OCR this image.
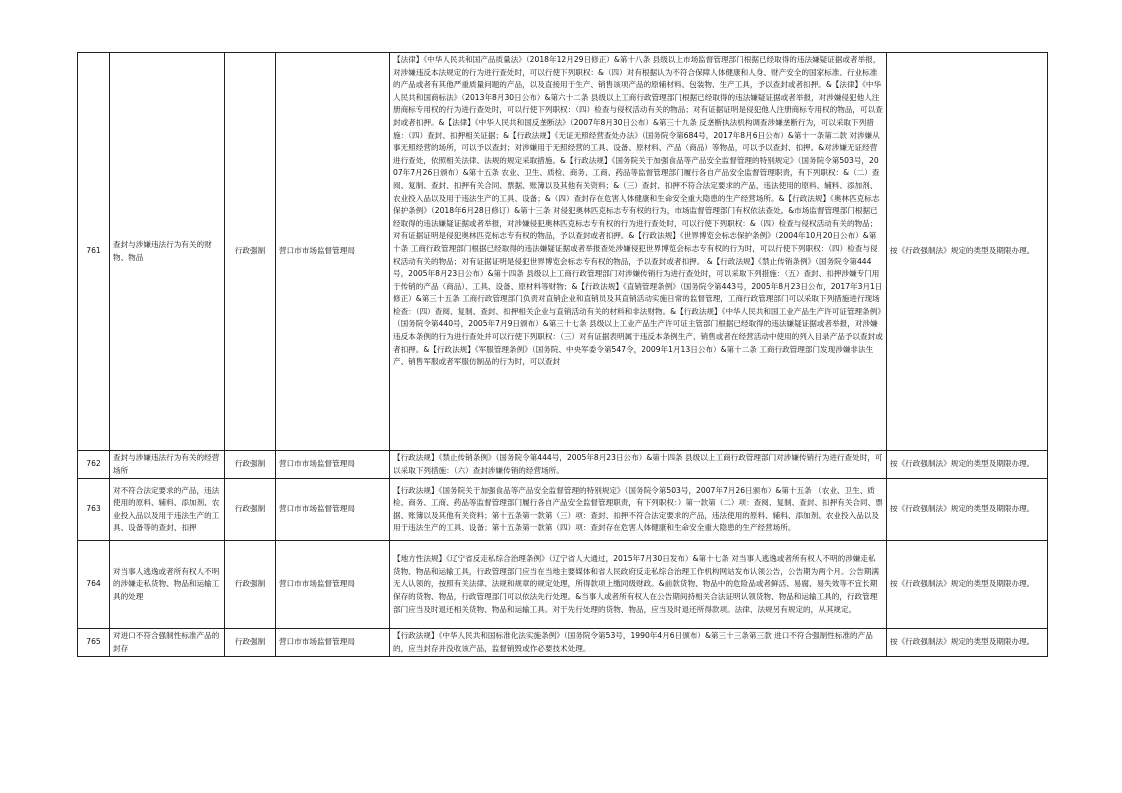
761	查封与涉嫌违法行为有关的财物、物品	行政强制	营口市市场监督管理局	【法律】《中华人民共和国产品质量法》（2018年12月29日修正）&第十八条 县级以上市场监督管理部门根据已经取得的违法嫌疑证据或者举报，对涉嫌违反本法规定的行为进行查处时，可以行使下列职权：&（四）对有根据认为不符合保障人体健康和人身、财产安全的国家标准、行业标准的产品或者有其他严重质量问题的产品，以及直接用于生产、销售该项产品的原辅材料、包装物、生产工具，予以查封或者扣押。&【法律】《中华人民共和国商标法》（2013年8月30日公布）&第六十二条 县级以上工商行政管理部门根据已经取得的违法嫌疑证据或者举报，对涉嫌侵犯他人注册商标专用权的行为进行查处时，可以行使下列职权：（四）检查与侵权活动有关的物品；对有证据证明是侵犯他人注册商标专用权的物品，可以查封或者扣押。&【法律】《中华人民共和国反垄断法》（2007年8月30日公布）&第三十九条 反垄断执法机构调查涉嫌垄断行为，可以采取下列措施：（四）查封、扣押相关证据；&【行政法规】《无证无照经营查处办法》（国务院令第684号，2017年8月6日公布）&第十一条第二款 对涉嫌从事无照经营的场所，可以予以查封；对涉嫌用于无照经营的工具、设备、原材料、产品（商品）等物品，可以予以查封、扣押。&对涉嫌无证经营进行查处，依照相关法律、法规的规定采取措施。&【行政法规】《国务院关于加强食品等产品安全监督管理的特别规定》（国务院令第503号，2007年7月26日颁布）&第十五条 农业、卫生、质检、商务、工商、药品等监督管理部门履行各自产品安全监督管理职责，有下列职权：&（二）查阅、复制、查封、扣押有关合同、票据、账簿以及其他有关资料；&（三）查封、扣押不符合法定要求的产品，违法使用的原料、辅料、添加剂、农业投入品以及用于违法生产的工具、设备；&（四）查封存在危害人体健康和生命安全重大隐患的生产经营场所。&【行政法规】《奥林匹克标志保护条例》（2018年6月28日修订）&第十三条 对侵犯奥林匹克标志专有权的行为，市场监督管理部门有权依法查处。&市场监督管理部门根据已经取得的违法嫌疑证据或者举报，对涉嫌侵犯奥林匹克标志专有权的行为进行查处时，可以行使下列职权：&（四）检查与侵权活动有关的物品；对有证据证明是侵犯奥林匹克标志专有权的物品，予以查封或者扣押。&【行政法规】《世界博览会标志保护条例》（2004年10月20日公布）&第十条 工商行政管理部门根据已经取得的违法嫌疑证据或者举报查处涉嫌侵犯世界博览会标志专有权的行为时，可以行使下列职权：（四）检查与侵权活动有关的物品；对有证据证明是侵犯世界博览会标志专有权的物品，予以查封或者扣押。 &【行政法规】《禁止传销条例》（国务院令第444号，2005年8月23日公布）&第十四条 县级以上工商行政管理部门对涉嫌传销行为进行查处时，可以采取下列措施：（五）查封、扣押涉嫌专门用于传销的产品（商品）、工具、设备、原材料等财物；&【行政法规】《直销管理条例》（国务院令第443号，2005年8月23日公布，2017年3月1日修正）&第三十五条 工商行政管理部门负责对直销企业和直销员及其直销活动实施日常的监督管理，工商行政管理部门可以采取下列措施进行现场检查：（四）查阅、复制、查封、扣押相关企业与直销活动有关的材料和非法财物。&【行政法规】《中华人民共和国工业产品生产许可证管理条例》（国务院令第440号，2005年7月9日颁布）&第三十七条 县级以上工业产品生产许可证主管部门根据已经取得的违法嫌疑证据或者举报，对涉嫌违反本条例的行为进行查处并可以行使下列职权：（三）对有证据表明属于违反本条例生产、销售或者在经营活动中使用的列入目录产品予以查封或者扣押。&【行政法规】《军服管理条例》（国务院、中央军委令第547令，2009年1月13日公布）&第十二条 工商行政管理部门发现涉嫌非法生产、销售军服或者军服仿制品的行为时，可以查封	按《行政强制法》规定的类型及期限办理。
762	查封与涉嫌违法行为有关的经营场所	行政强制	营口市市场监督管理局	【行政法规】《禁止传销条例》（国务院令第444号，2005年8月23日公布）&第十四条 县级以上工商行政管理部门对涉嫌传销行为进行查处时，可以采取下列措施：（六）查封涉嫌传销的经营场所。	按《行政强制法》规定的类型及期限办理。
763	对不符合法定要求的产品，违法使用的原料、辅料、添加剂、农业投入品以及用于违法生产的工具、设备等的查封、扣押	行政强制	营口市市场监督管理局	【行政法规】《国务院关于加强食品等产品安全监督管理的特别规定》（国务院令第503号，2007年7月26日颁布）&第十五条 （农业、卫生、质检、商务、工商、药品等监督管理部门履行各自产品安全监督管理职责，有下列职权：）第一款第（二）项：查阅、复制、查封、扣押有关合同、票据、账簿以及其他有关资料；第十五条第一款第（三）项：查封、扣押不符合法定要求的产品，违法使用的原料、辅料、添加剂、农业投入品以及用于违法生产的工具、设备；第十五条第一款第（四）项：查封存在危害人体健康和生命安全重大隐患的生产经营场所。	按《行政强制法》规定的类型及期限办理。
764	对当事人逃逸或者所有权人不明的涉嫌走私货物、物品和运输工具的处理	行政强制	营口市市场监督管理局	【地方性法规】《辽宁省反走私综合治理条例》（辽宁省人大通过，2015年7月30日发布）&第十七条 对当事人逃逸或者所有权人不明的涉嫌走私货物、物品和运输工具，行政管理部门应当在当地主要媒体和省人民政府反走私综合治理工作机构网站发布认领公告，公告期为两个月。公告期满无人认领的，按照有关法律、法规和规章的规定处理，所得款项上缴同级财政。&前款货物、物品中的危险品或者鲜活、易腐、易失效等不宜长期保存的货物、物品，行政管理部门可以依法先行处理。&当事人或者所有权人在公告期间持相关合法证明认领货物、物品和运输工具的，行政管理部门应当及时退还相关货物、物品和运输工具。对于先行处理的货物、物品，应当及时退还所得款项。法律、法规另有规定的，从其规定。	按《行政强制法》规定的类型及期限办理。
765	对进口不符合强制性标准产品的封存	行政强制	营口市市场监督管理局	【行政法规】《中华人民共和国标准化法实施条例》（国务院令第53号，1990年4月6日颁布）&第三十三条第三款 进口不符合强制性标准的产品的，应当封存并没收该产品，监督销毁或作必要技术处理。	按《行政强制法》规定的类型及期限办理。
